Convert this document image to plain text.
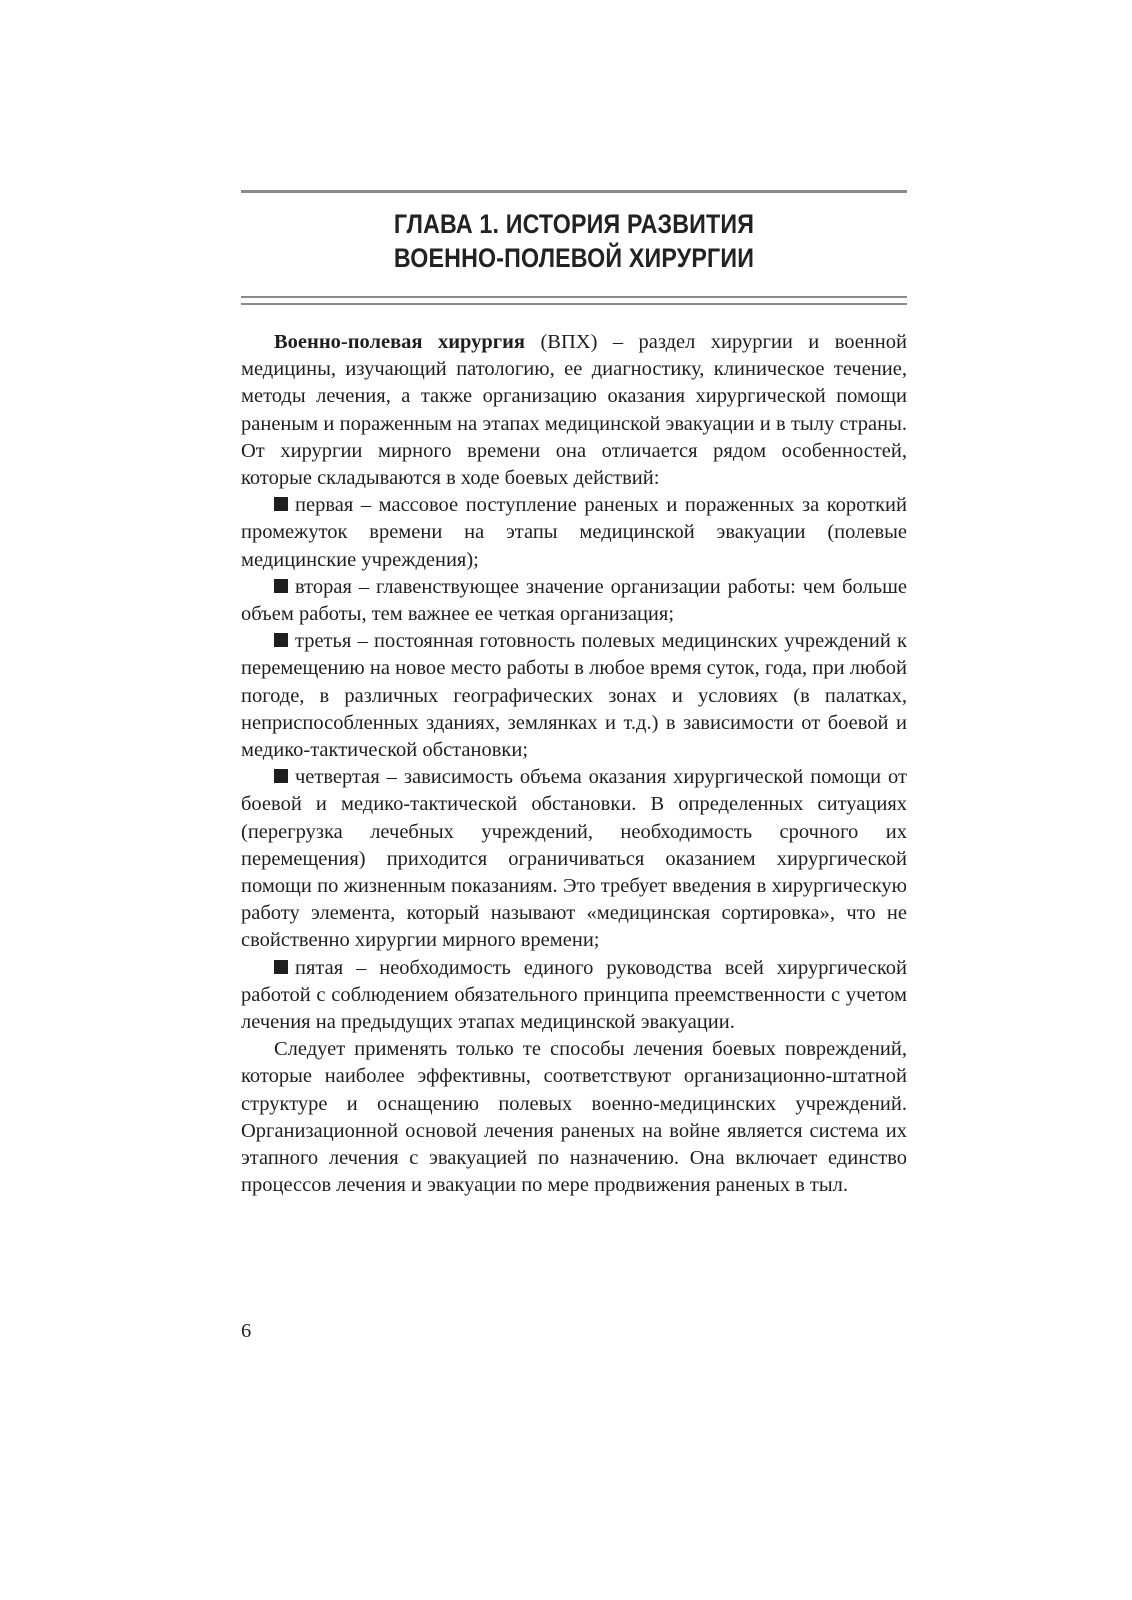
ГЛАВА 1. ИСТОРИЯ РАЗВИТИЯ
ВОЕННО-ПОЛЕВОЙ ХИРУРГИИ

Военно-полевая хирургия (ВПХ) – раздел хирургии и военной медицины, изучающий патологию, ее диагностику, клиническое течение, методы лечения, а также организацию оказания хирургической помощи раненым и пораженным на этапах медицинской эвакуации и в тылу страны. От хирургии мирного времени она отличается рядом особенностей, которые складываются в ходе боевых действий:

первая – массовое поступление раненых и пораженных за короткий промежуток времени на этапы медицинской эвакуации (полевые медицинские учреждения);

вторая – главенствующее значение организации работы: чем больше объем работы, тем важнее ее четкая организация;

третья – постоянная готовность полевых медицинских учреждений к перемещению на новое место работы в любое время суток, года, при любой погоде, в различных географических зонах и условиях (в палатках, неприспособленных зданиях, землянках и т.д.) в зависимости от боевой и медико-тактической обстановки;

четвертая – зависимость объема оказания хирургической помощи от боевой и медико-тактической обстановки. В определенных ситуациях (перегрузка лечебных учреждений, необходимость срочного их перемещения) приходится ограничиваться оказанием хирургической помощи по жизненным показаниям. Это требует введения в хирургическую работу элемента, который называют «медицинская сортировка», что не свойственно хирургии мирного времени;

пятая – необходимость единого руководства всей хирургической работой с соблюдением обязательного принципа преемственности с учетом лечения на предыдущих этапах медицинской эвакуации.

Следует применять только те способы лечения боевых повреждений, которые наиболее эффективны, соответствуют организационно-штатной структуре и оснащению полевых военно-медицинских учреждений. Организационной основой лечения раненых на войне является система их этапного лечения с эвакуацией по назначению. Она включает единство процессов лечения и эвакуации по мере продвижения раненых в тыл.

6
